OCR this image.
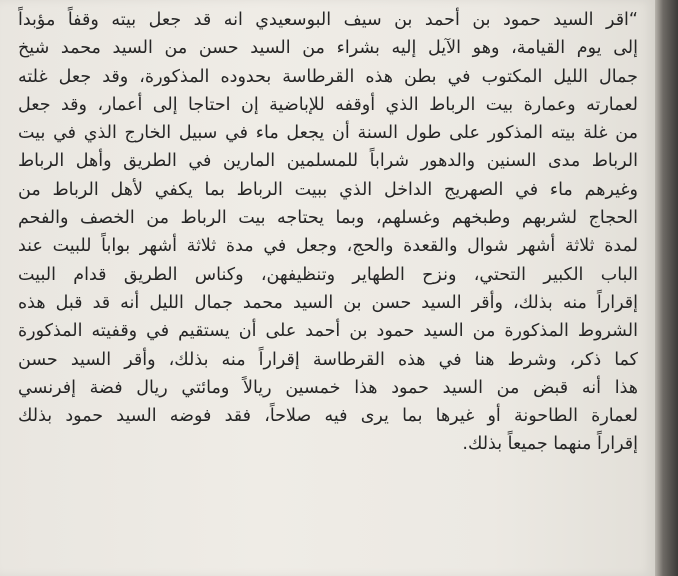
“اقر السيد حمود بن أحمد بن سيف البوسعيدي انه قد جعل بيته وقفاً مؤبداً
إلى يوم القيامة، وهو الآيل إليه بشراء من السيد حسن من السيد محمد شيخ
جمال الليل المكتوب في بطن هذه القرطاسة بحدوده المذكورة، وقد جعل غلته
لعمارته وعمارة بيت الرباط الذي أوقفه للإباضية إن احتاجا إلى أعمار، وقد جعل
من غلة بيته المذكور على طول السنة أن يجعل ماء في سبيل الخارج الذي في بيت
الرباط مدى السنين والدهور شراباً للمسلمين المارين في الطريق وأهل الرباط
وغيرهم ماء في الصهريج الداخل الذي ببيت الرباط بما يكفي لأهل الرباط من
الحجاج لشربهم وطبخهم وغسلهم، وبما يحتاجه بيت الرباط من الخصف والفحم
لمدة ثلاثة أشهر شوال والقعدة والحج، وجعل في مدة ثلاثة أشهر بواباً للبيت عند
الباب الكبير التحتي، ونزح الطهاير وتنظيفهن، وكناس الطريق قدام البيت
إقراراً منه بذلك، وأقر السيد حسن بن السيد محمد جمال الليل أنه قد قبل هذه
الشروط المذكورة من السيد حمود بن أحمد على أن يستقيم في وقفيته المذكورة
كما ذكر، وشرط هنا في هذه القرطاسة إقراراً منه بذلك، وأقر السيد حسن
هذا أنه قبض من السيد حمود هذا خمسين ريالاً ومائتي ريال فضة إفرنسي
لعمارة الطاحونة أو غيرها بما يرى فيه صلاحاً، فقد فوضه السيد حمود بذلك
إقراراً منهما جميعاً بذلك.
